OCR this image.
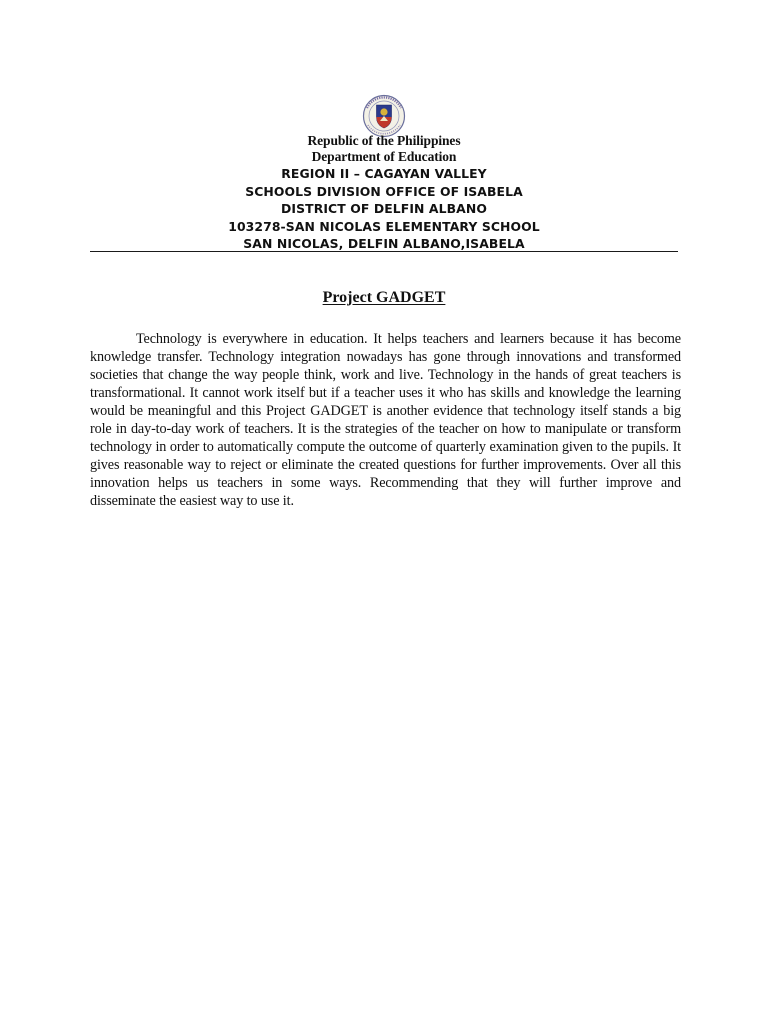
Republic of the Philippines
Department of Education
REGION II – CAGAYAN VALLEY
SCHOOLS DIVISION OFFICE OF ISABELA
DISTRICT OF DELFIN ALBANO
103278-SAN NICOLAS ELEMENTARY SCHOOL
SAN NICOLAS, DELFIN ALBANO,ISABELA
Project GADGET

Technology is everywhere in education. It helps teachers and learners because it has become knowledge transfer. Technology integration nowadays has gone through innovations and transformed societies that change the way people think, work and live. Technology in the hands of great teachers is transformational. It cannot work itself but if a teacher uses it who has skills and knowledge the learning would be meaningful and this Project GADGET is another evidence that technology itself stands a big role in day-to-day work of teachers. It is the strategies of the teacher on how to manipulate or transform technology in order to automatically compute the outcome of quarterly examination given to the pupils. It gives reasonable way to reject or eliminate the created questions for further improvements. Over all this innovation helps us teachers in some ways. Recommending that they will further improve and disseminate the easiest way to use it.
